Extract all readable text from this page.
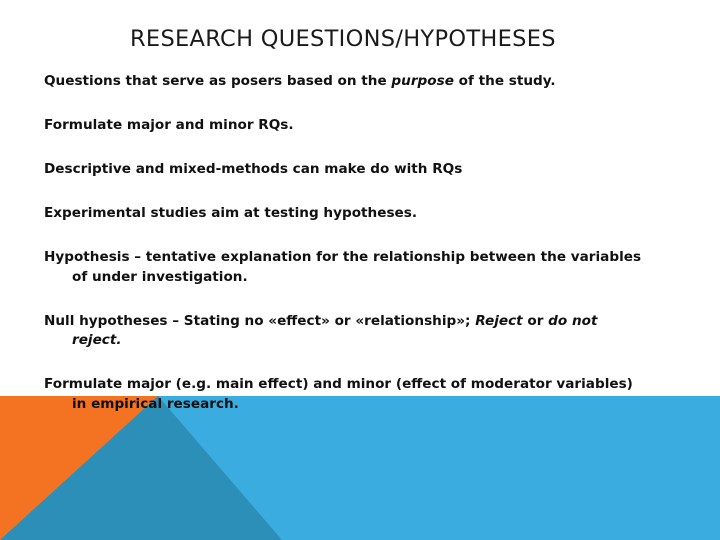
RESEARCH QUESTIONS/HYPOTHESES
Questions that serve as posers based on the purpose of the study.
Formulate major and minor RQs.
Descriptive and mixed-methods can make do with RQs
Experimental studies aim at testing hypotheses.
Hypothesis – tentative explanation for the relationship between the variables of under investigation.
Null hypotheses – Stating no «effect» or «relationship»; Reject or do not reject.
Formulate major (e.g. main effect) and minor (effect of moderator variables) in empirical research.
